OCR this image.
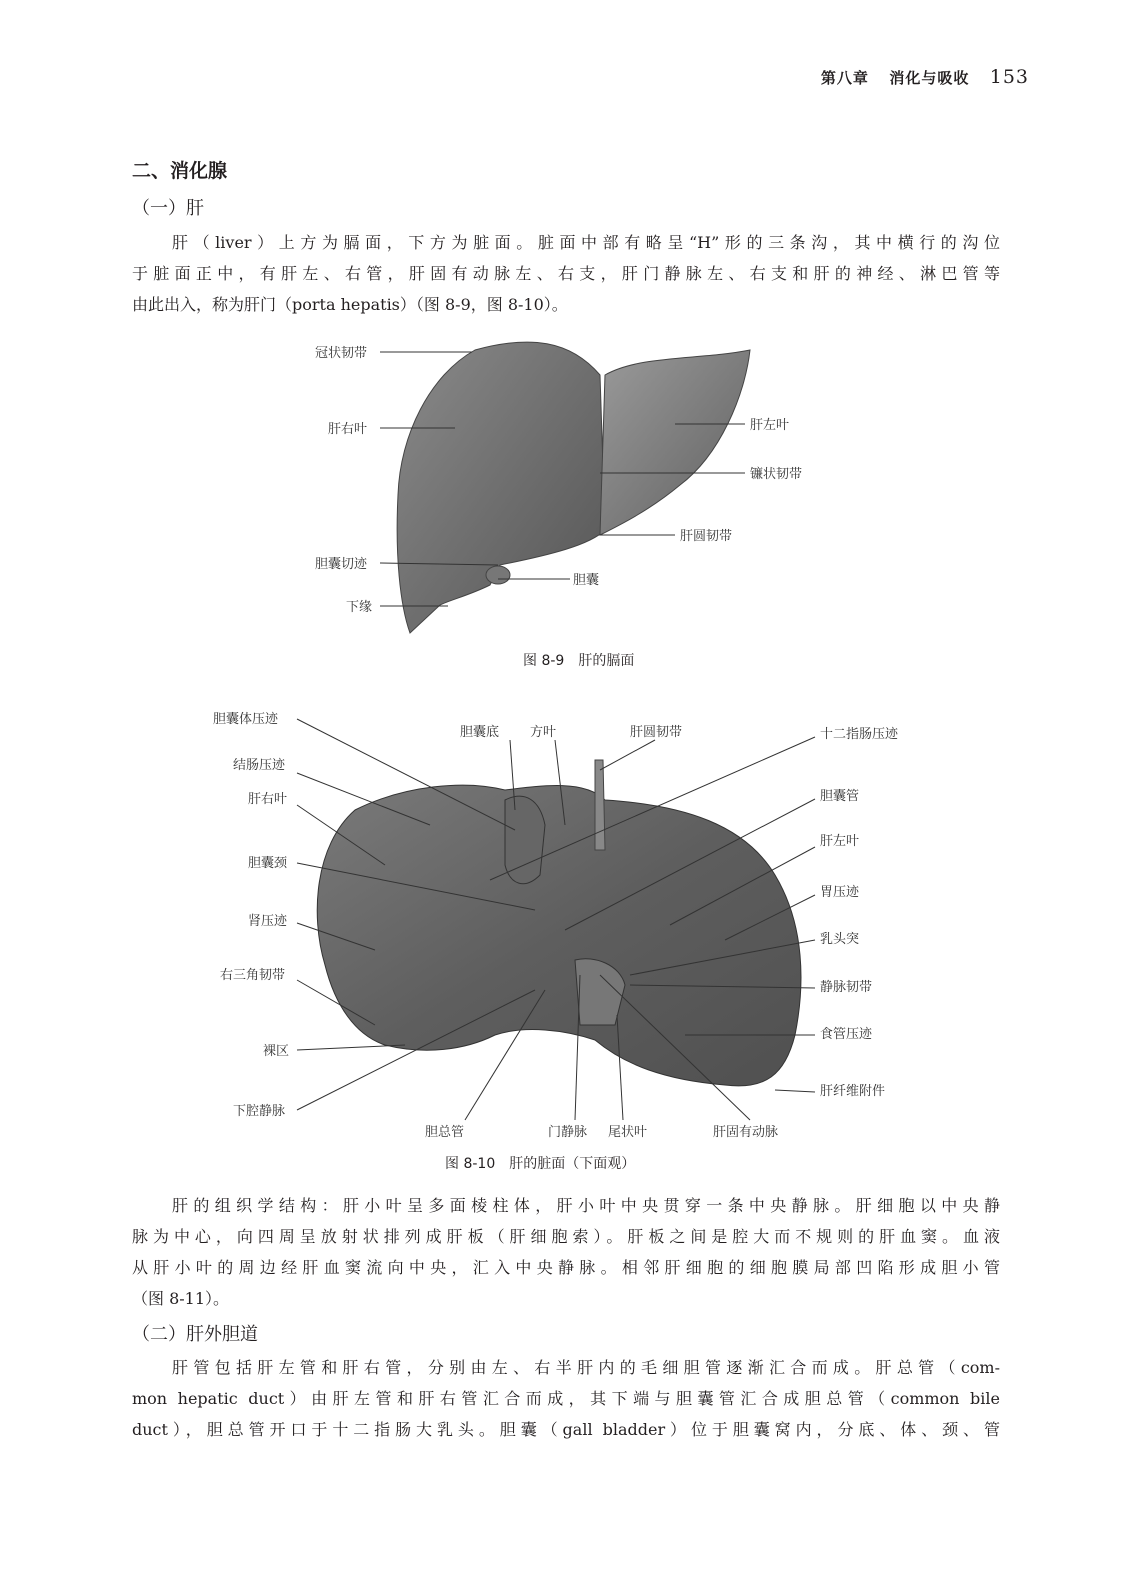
第八章 消化与吸收 153
二、消化腺
（一）肝

肝（liver）上方为膈面，下方为脏面。脏面中部有略呈“H”形的三条沟，其中横行的沟位
于脏面正中，有肝左、右管，肝固有动脉左、右支，肝门静脉左、右支和肝的神经、淋巴管等
由此出入，称为肝门（porta hepatis）（图 8-9，图 8-10）。

冠状韧带
肝右叶
胆囊切迹
下缘
肝左叶
镰状韧带
肝圆韧带
胆囊
图 8-9　肝的膈面
胆囊体压迹
结肠压迹
肝右叶
胆囊颈
肾压迹
右三角韧带
裸区
下腔静脉
胆囊底 方叶	肝圆韧带	十二指肠压迹
胆囊管
肝左叶
胃压迹
乳头突
静脉韧带
食管压迹
肝纤维附件
胆总管	门静脉 尾状叶	肝固有动脉
图 8-10　肝的脏面（下面观）

肝的组织学结构：肝小叶呈多面棱柱体，肝小叶中央贯穿一条中央静脉。肝细胞以中央静
脉为中心，向四周呈放射状排列成肝板（肝细胞索）。肝板之间是腔大而不规则的肝血窦。血液
从肝小叶的周边经肝血窦流向中央，汇入中央静脉。相邻肝细胞的细胞膜局部凹陷形成胆小管
（图 8-11）。

（二）肝外胆道

肝管包括肝左管和肝右管，分别由左、右半肝内的毛细胆管逐渐汇合而成。肝总管（com-
mon hepatic duct）由肝左管和肝右管汇合而成，其下端与胆囊管汇合成胆总管（common bile
duct），胆总管开口于十二指肠大乳头。胆囊（gall bladder）位于胆囊窝内，分底、体、颈、管
